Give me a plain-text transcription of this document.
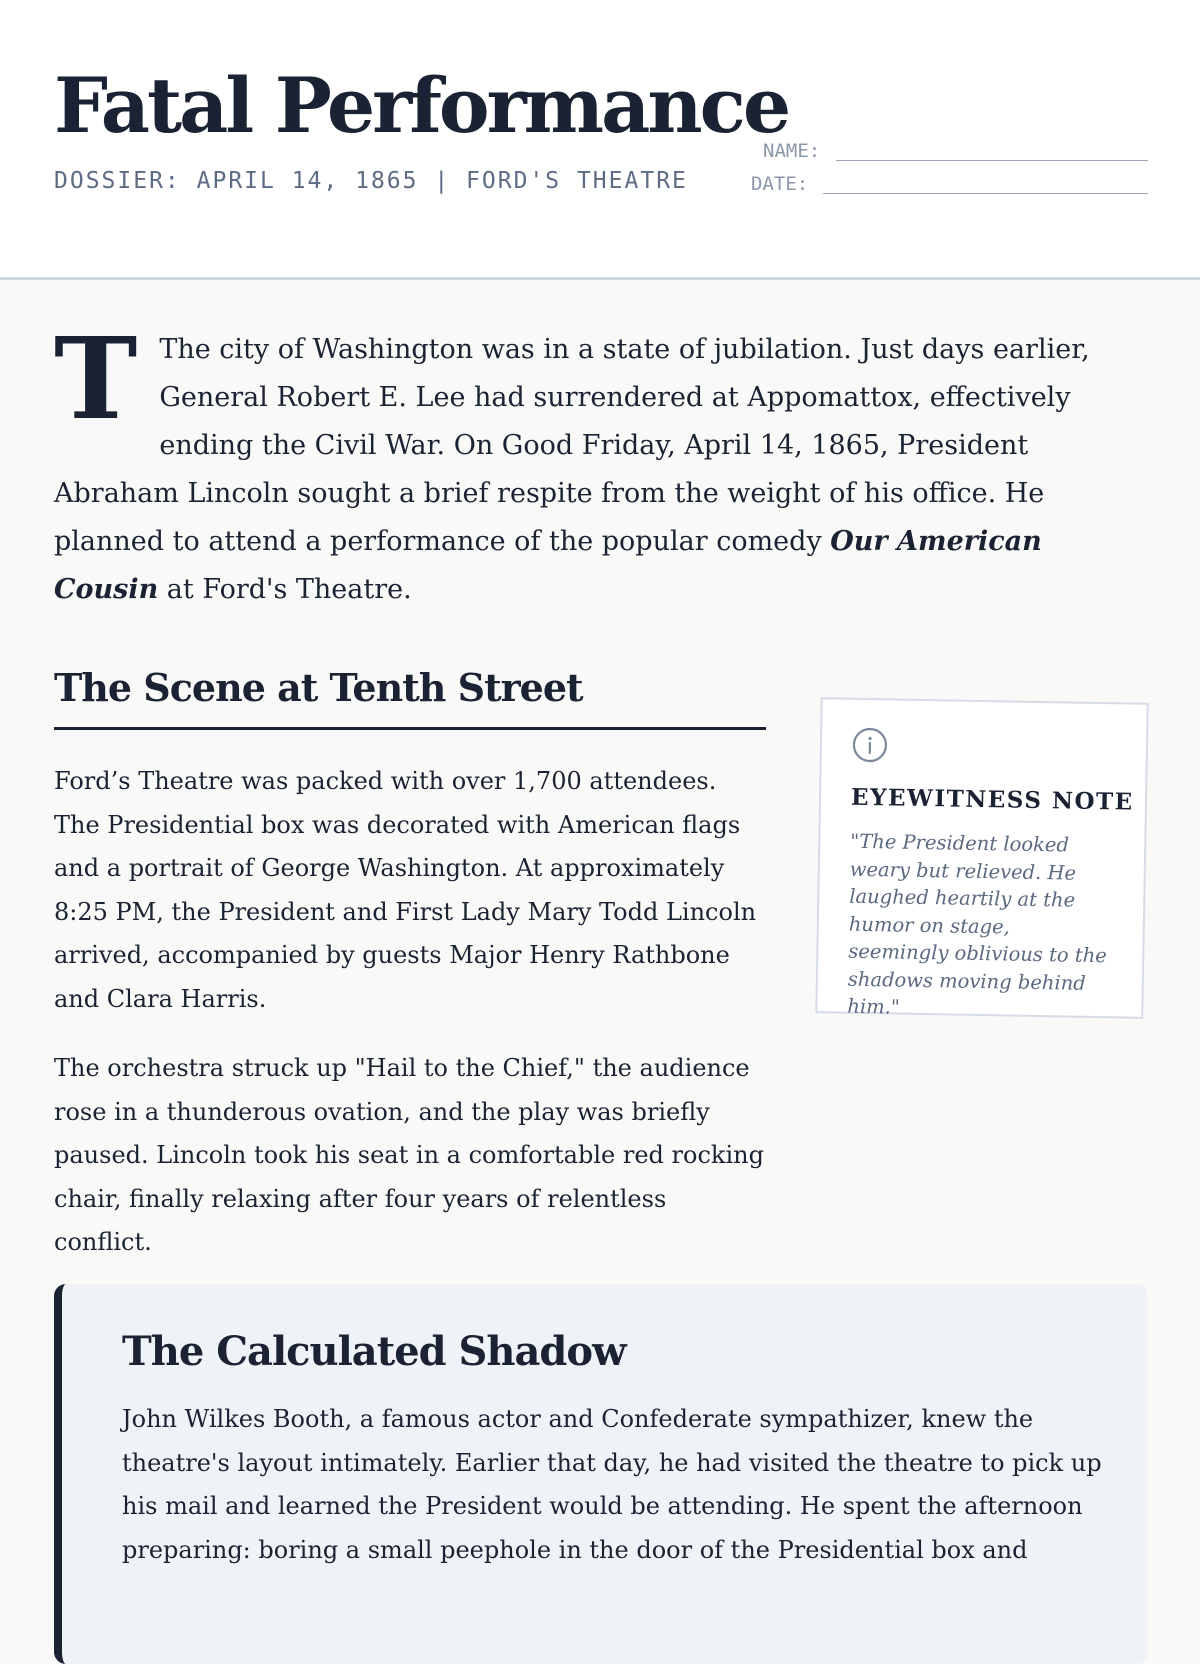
Fatal Performance
DOSSIER: APRIL 14, 1865 | FORD'S THEATRE
NAME:
DATE:

T The city of Washington was in a state of jubilation. Just days earlier, General Robert E. Lee had surrendered at Appomattox, effectively ending the Civil War. On Good Friday, April 14, 1865, President Abraham Lincoln sought a brief respite from the weight of his office. He planned to attend a performance of the popular comedy Our American Cousin at Ford's Theatre.

The Scene at Tenth Street

Ford’s Theatre was packed with over 1,700 attendees. The Presidential box was decorated with American flags and a portrait of George Washington. At approximately 8:25 PM, the President and First Lady Mary Todd Lincoln arrived, accompanied by guests Major Henry Rathbone and Clara Harris.

The orchestra struck up "Hail to the Chief," the audience rose in a thunderous ovation, and the play was briefly paused. Lincoln took his seat in a comfortable red rocking chair, finally relaxing after four years of relentless conflict.

EYEWITNESS NOTE

"The President looked weary but relieved. He laughed heartily at the humor on stage, seemingly oblivious to the shadows moving behind him."

The Calculated Shadow

John Wilkes Booth, a famous actor and Confederate sympathizer, knew the theatre's layout intimately. Earlier that day, he had visited the theatre to pick up his mail and learned the President would be attending. He spent the afternoon preparing: boring a small peephole in the door of the Presidential box and
